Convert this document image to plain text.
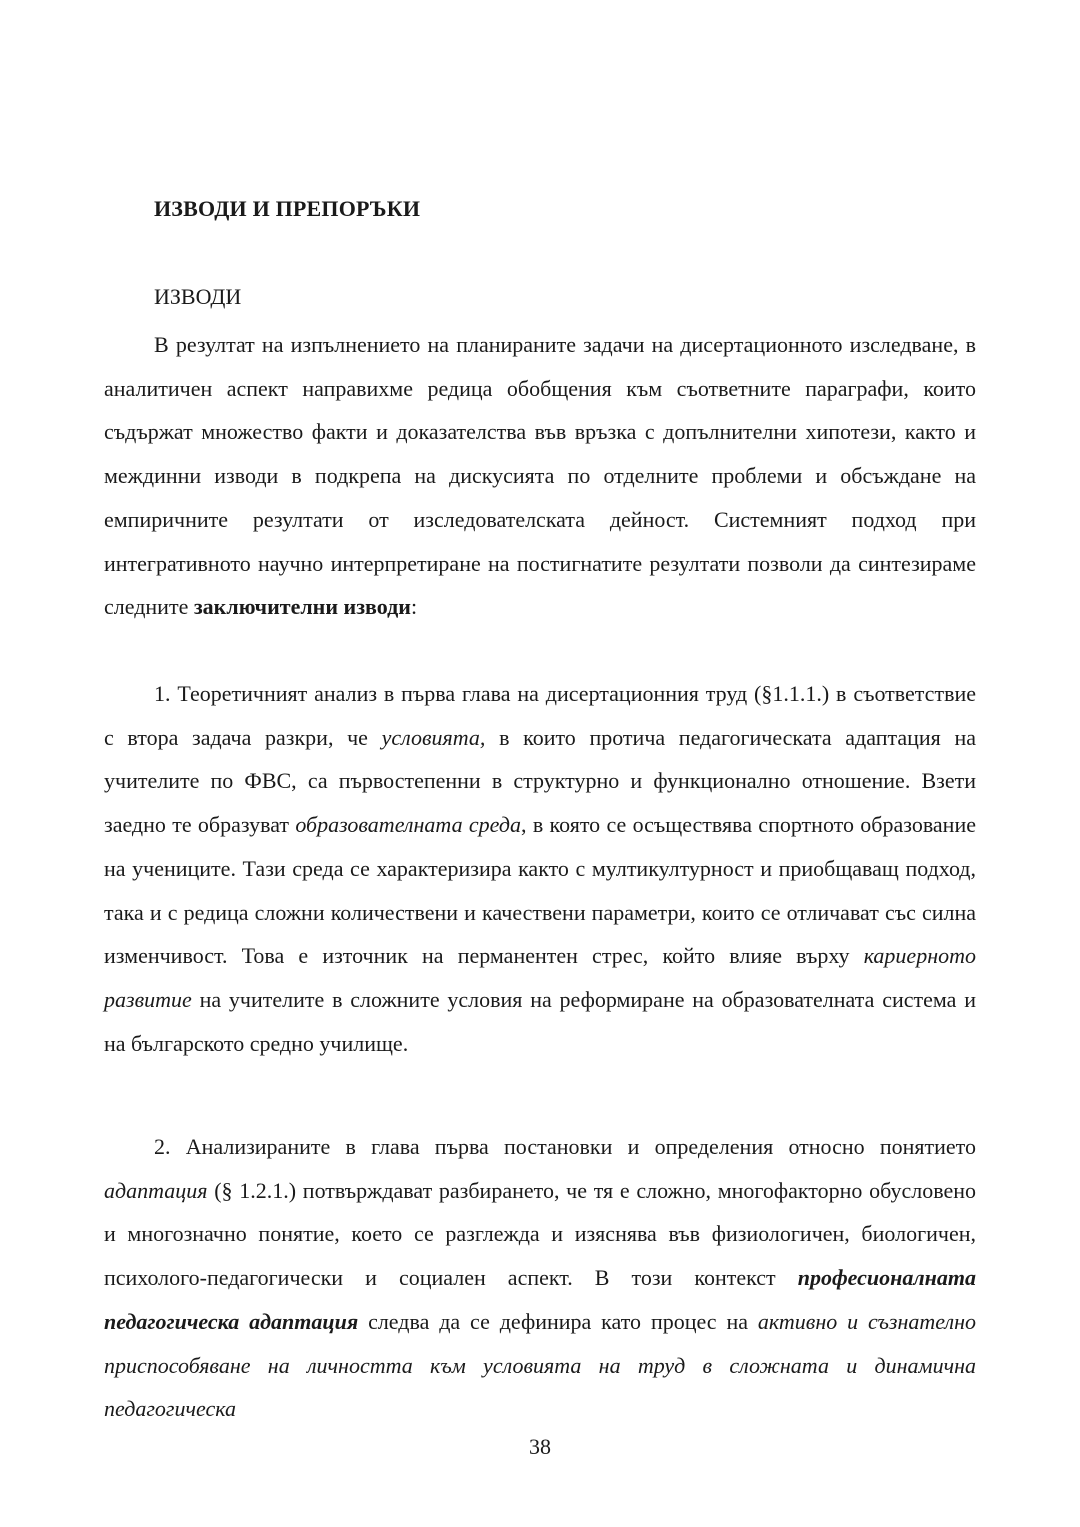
ИЗВОДИ И ПРЕПОРЪКИ
ИЗВОДИ

В резултат на изпълнението на планираните задачи на дисертационното изследване, в аналитичен аспект направихме редица обобщения към съответните параграфи, които съдържат множество факти и доказателства във връзка с допълнителни хипотези, както и междинни изводи в подкрепа на дискусията по отделните проблеми и обсъждане на емпиричните резултати от изследователската дейност. Системният подход при интегративното научно интерпретиране на постигнатите резултати позволи да синтезираме следните заключителни изводи:

1. Теоретичният анализ в първа глава на дисертационния труд (§1.1.1.) в съответствие с втора задача разкри, че условията, в които протича педагогическата адаптация на учителите по ФВС, са първостепенни в структурно и функционално отношение. Взети заедно те образуват образователната среда, в която се осъществява спортното образование на учениците. Тази среда се характеризира както с мултикултурност и приобщаващ подход, така и с редица сложни количествени и качествени параметри, които се отличават със силна изменчивост. Това е източник на перманентен стрес, който влияе върху кариерното развитие на учителите в сложните условия на реформиране на образователната система и на българското средно училище.

2. Анализираните в глава първа постановки и определения относно понятието адаптация (§ 1.2.1.) потвърждават разбирането, че тя е сложно, многофакторно обусловено и многозначно понятие, което се разглежда и изяснява във физиологичен, биологичен, психолого-педагогически и социален аспект. В този контекст професионалната педагогическа адаптация следва да се дефинира като процес на активно и съзнателно приспособяване на личността към условията на труд в сложната и динамична педагогическа

38
